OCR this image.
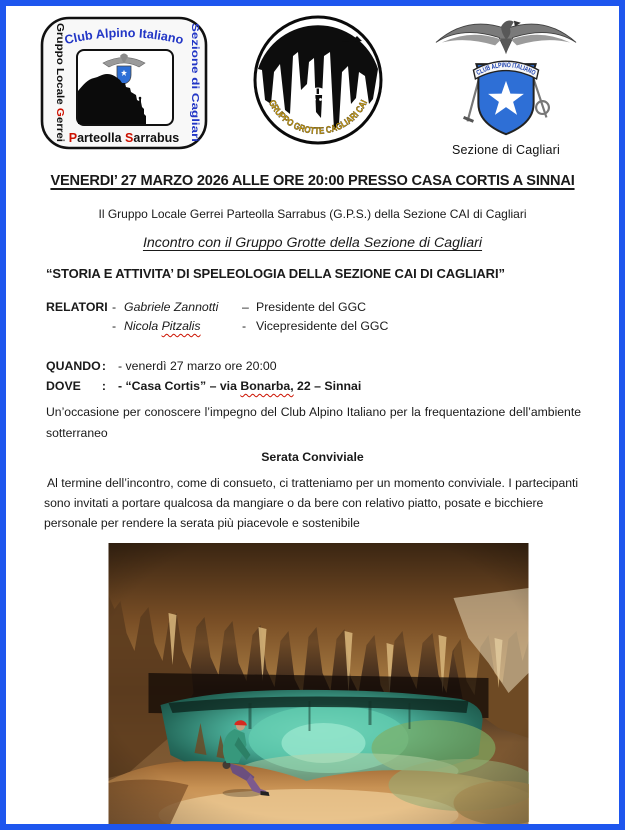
Club Alpino Italiano Sezione di Cagliari
Gruppo Locale Gerrei Parteolla Sarrabus
GRUPPO GROTTE CAGLIARI CAI
CLUB ALPINO ITALIANO
Sezione di Cagliari
VENERDI’ 27 MARZO 2026 ALLE ORE 20:00 PRESSO CASA CORTIS A SINNAI
Il Gruppo Locale Gerrei Parteolla Sarrabus (G.P.S.) della Sezione CAI di Cagliari
Incontro con il Gruppo Grotte della Sezione di Cagliari
“STORIA E ATTIVITA’ DI SPELEOLOGIA DELLA SEZIONE CAI DI CAGLIARI”
RELATORI - Gabriele Zannotti	– Presidente del GGC
- Nicola Pitzalis	- Vicepresidente del GGC
QUANDO : - venerdì 27 marzo ore 20:00
DOVE : - “Casa Cortis” – via Bonarba, 22 – Sinnai
Un’occasione per conoscere l’impegno del Club Alpino Italiano per la frequentazione dell’ambiente sotterraneo
Serata Conviviale
Al termine dell’incontro, come di consueto, ci tratteniamo per un momento conviviale. I partecipanti sono invitati a portare qualcosa da mangiare o da bere con relativo piatto, posate e bicchiere personale per rendere la serata più piacevole e sostenibile
